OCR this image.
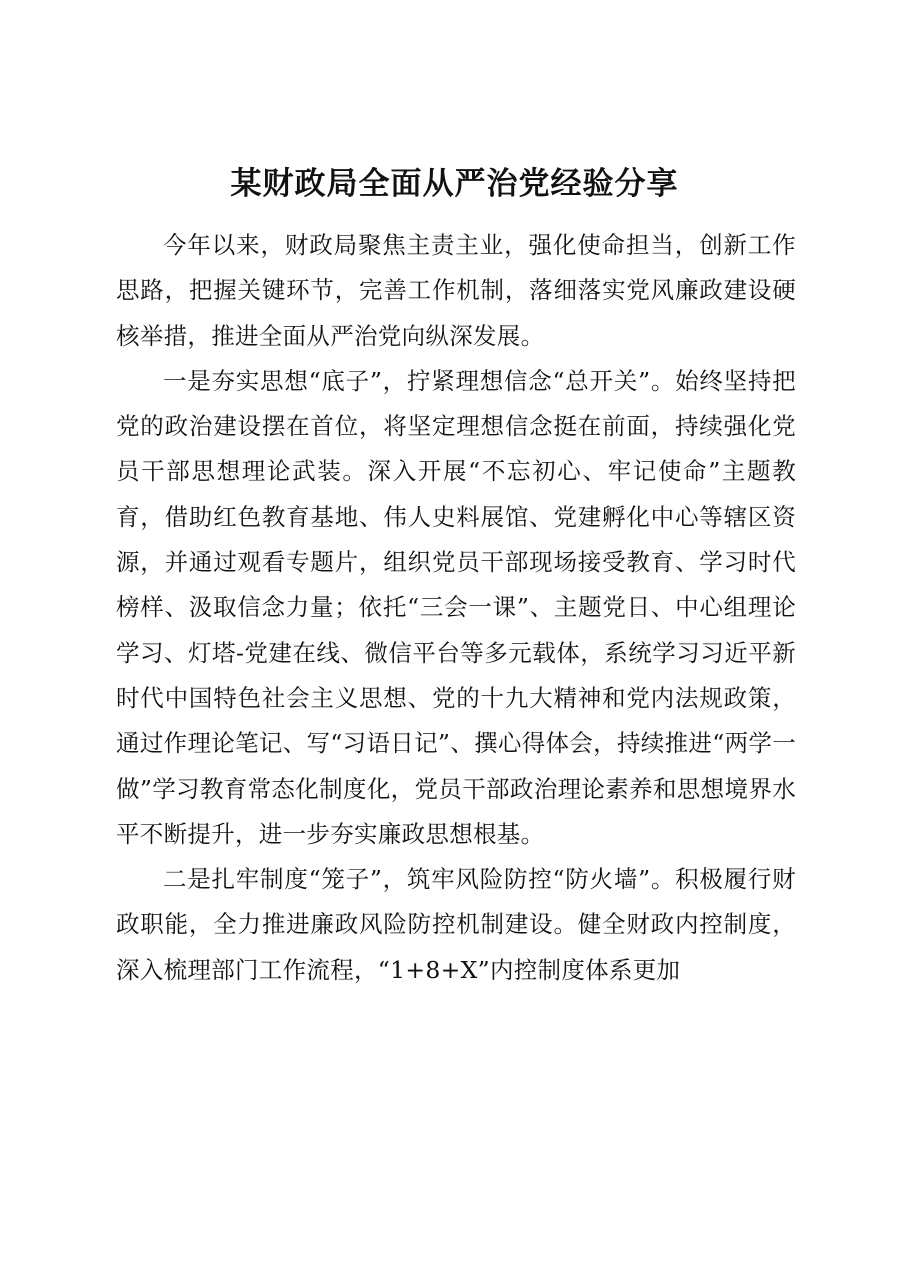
某财政局全面从严治党经验分享

今年以来，财政局聚焦主责主业，强化使命担当，创新工作思路，把握关键环节，完善工作机制，落细落实党风廉政建设硬核举措，推进全面从严治党向纵深发展。

一是夯实思想“底子”，拧紧理想信念“总开关”。始终坚持把党的政治建设摆在首位，将坚定理想信念挺在前面，持续强化党员干部思想理论武装。深入开展“不忘初心、牢记使命”主题教育，借助红色教育基地、伟人史料展馆、党建孵化中心等辖区资源，并通过观看专题片，组织党员干部现场接受教育、学习时代榜样、汲取信念力量；依托“三会一课”、主题党日、中心组理论学习、灯塔-党建在线、微信平台等多元载体，系统学习习近平新时代中国特色社会主义思想、党的十九大精神和党内法规政策，通过作理论笔记、写“习语日记”、撰心得体会，持续推进“两学一做”学习教育常态化制度化，党员干部政治理论素养和思想境界水平不断提升，进一步夯实廉政思想根基。

二是扎牢制度“笼子”，筑牢风险防控“防火墙”。积极履行财政职能，全力推进廉政风险防控机制建设。健全财政内控制度，深入梳理部门工作流程，“1+8+X”内控制度体系更加
